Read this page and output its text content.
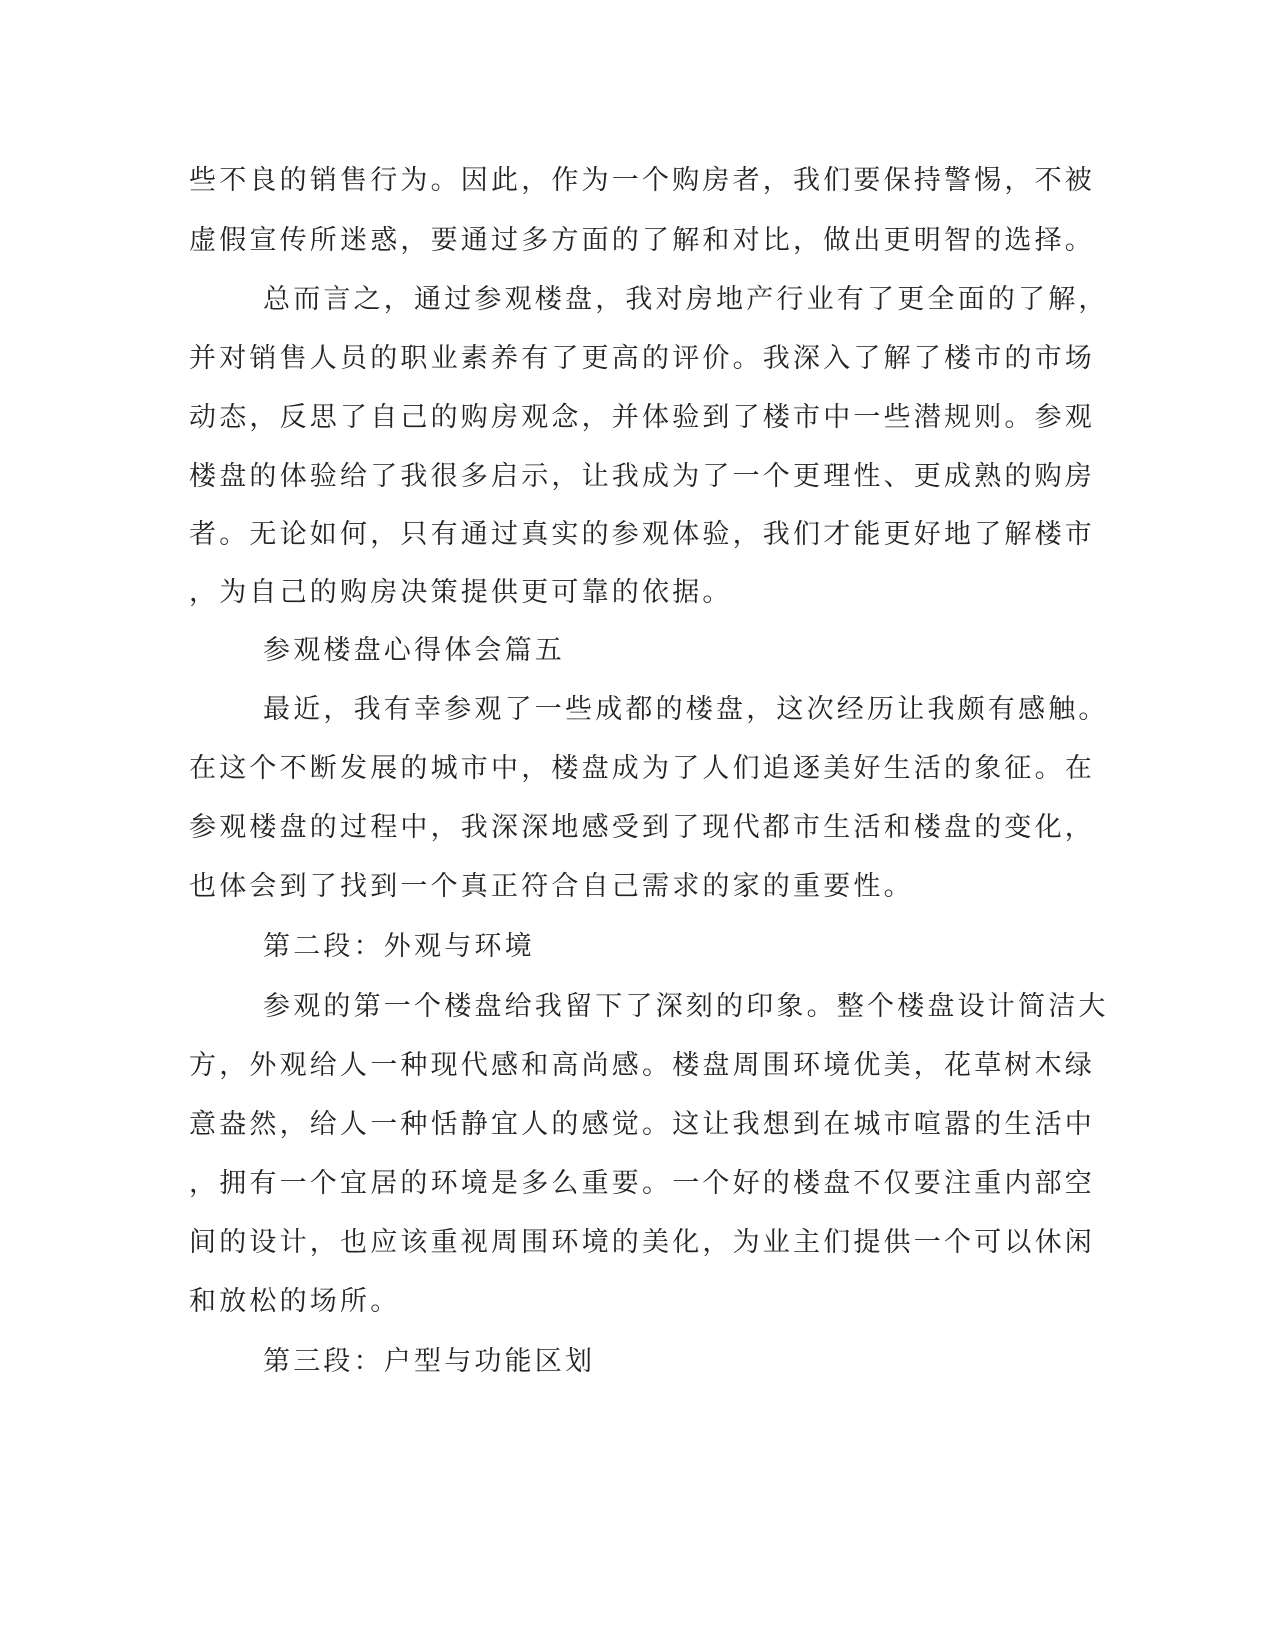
些不良的销售行为。因此，作为一个购房者，我们要保持警惕，不被

虚假宣传所迷惑，要通过多方面的了解和对比，做出更明智的选择。

总而言之，通过参观楼盘，我对房地产行业有了更全面的了解，

并对销售人员的职业素养有了更高的评价。我深入了解了楼市的市场

动态，反思了自己的购房观念，并体验到了楼市中一些潜规则。参观

楼盘的体验给了我很多启示，让我成为了一个更理性、更成熟的购房

者。无论如何，只有通过真实的参观体验，我们才能更好地了解楼市

，为自己的购房决策提供更可靠的依据。

参观楼盘心得体会篇五

最近，我有幸参观了一些成都的楼盘，这次经历让我颇有感触。

在这个不断发展的城市中，楼盘成为了人们追逐美好生活的象征。在

参观楼盘的过程中，我深深地感受到了现代都市生活和楼盘的变化，

也体会到了找到一个真正符合自己需求的家的重要性。

第二段：外观与环境

参观的第一个楼盘给我留下了深刻的印象。整个楼盘设计简洁大

方，外观给人一种现代感和高尚感。楼盘周围环境优美，花草树木绿

意盎然，给人一种恬静宜人的感觉。这让我想到在城市喧嚣的生活中

，拥有一个宜居的环境是多么重要。一个好的楼盘不仅要注重内部空

间的设计，也应该重视周围环境的美化，为业主们提供一个可以休闲

和放松的场所。

第三段：户型与功能区划
